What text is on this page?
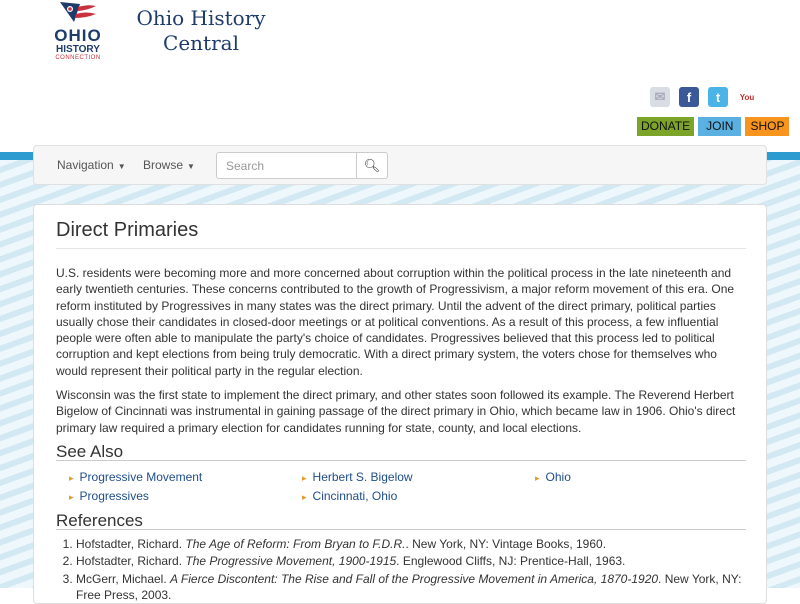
OHIO
HISTORY
CONNECTION
Ohio History
Central
✉	f	t	You
DONATE	JOIN	SHOP
Navigation ▼ Browse ▼	Search	🔍︎
Direct Primaries

U.S. residents were becoming more and more concerned about corruption within the political process in the late nineteenth and early twentieth centuries. These concerns contributed to the growth of Progressivism, a major reform movement of this era. One reform instituted by Progressives in many states was the direct primary. Until the advent of the direct primary, political parties usually chose their candidates in closed-door meetings or at political conventions. As a result of this process, a few influential people were often able to manipulate the party's choice of candidates. Progressives believed that this process led to political corruption and kept elections from being truly democratic. With a direct primary system, the voters chose for themselves who would represent their political party in the regular election.

Wisconsin was the first state to implement the direct primary, and other states soon followed its example. The Reverend Herbert Bigelow of Cincinnati was instrumental in gaining passage of the direct primary in Ohio, which became law in 1906. Ohio's direct primary law required a primary election for candidates running for state, county, and local elections.

See Also
▸ Progressive Movement	▸ Herbert S. Bigelow	▸ Ohio
▸ Progressives	▸ Cincinnati, Ohio
References
1. Hofstadter, Richard. The Age of Reform: From Bryan to F.D.R.. New York, NY: Vintage Books, 1960.
2. Hofstadter, Richard. The Progressive Movement, 1900-1915. Englewood Cliffs, NJ: Prentice-Hall, 1963.
3. McGerr, Michael. A Fierce Discontent: The Rise and Fall of the Progressive Movement in America, 1870-1920. New York, NY: Free Press, 2003.
